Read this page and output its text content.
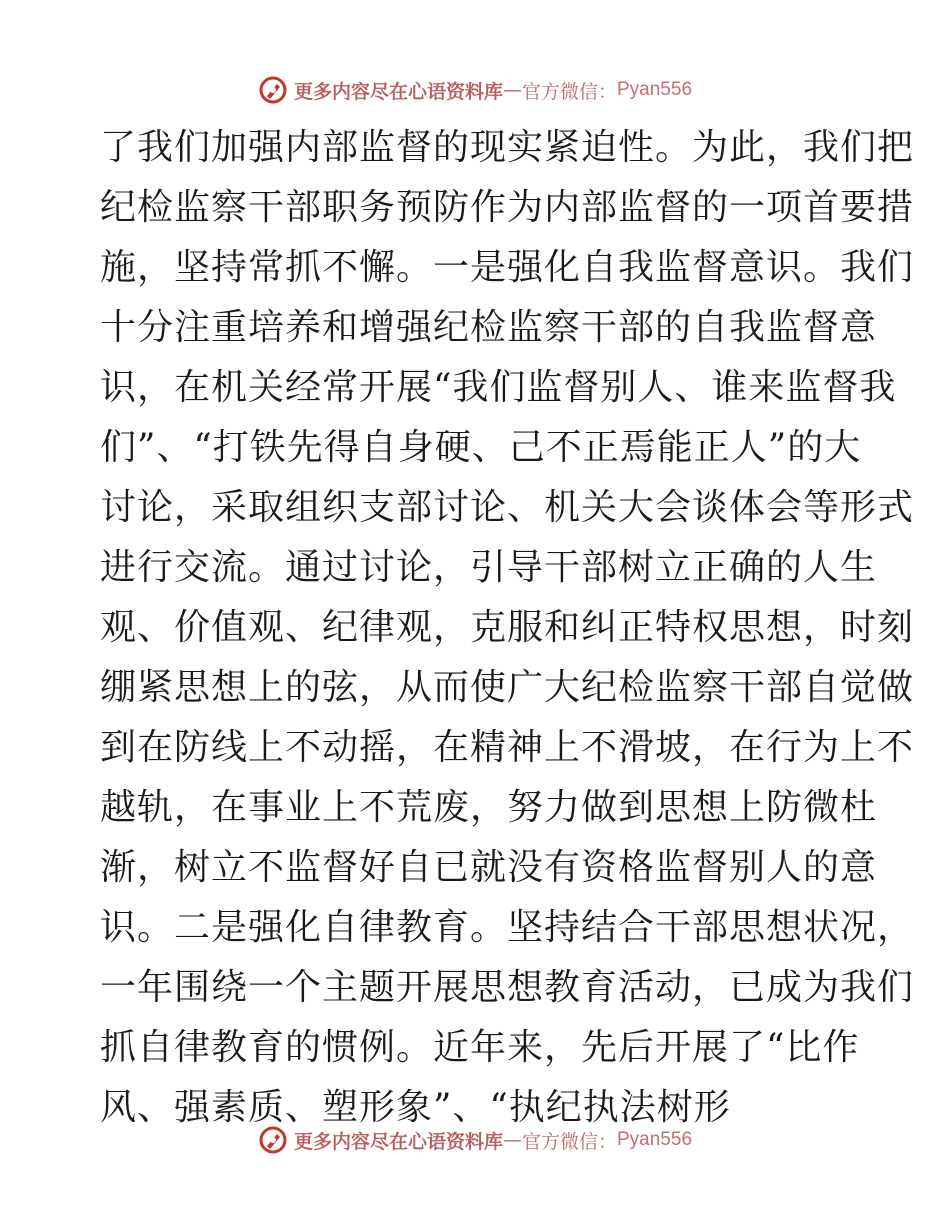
更多内容尽在心语资料库 — 官方微信： Pyan556
了我们加强内部监督的现实紧迫性。为此，我们把
纪检监察干部职务预防作为内部监督的一项首要措
施，坚持常抓不懈。一是强化自我监督意识。我们
十分注重培养和增强纪检监察干部的自我监督意
识，在机关经常开展“我们监督别人、谁来监督我
们”、“打铁先得自身硬、己不正焉能正人”的大
讨论，采取组织支部讨论、机关大会谈体会等形式
进行交流。通过讨论，引导干部树立正确的人生
观、价值观、纪律观，克服和纠正特权思想，时刻
绷紧思想上的弦，从而使广大纪检监察干部自觉做
到在防线上不动摇，在精神上不滑坡，在行为上不
越轨，在事业上不荒废，努力做到思想上防微杜
渐，树立不监督好自已就没有资格监督别人的意
识。二是强化自律教育。坚持结合干部思想状况，
一年围绕一个主题开展思想教育活动，已成为我们
抓自律教育的惯例。近年来，先后开展了“比作
风、强素质、塑形象”、“执纪执法树形
更多内容尽在心语资料库 — 官方微信： Pyan556
